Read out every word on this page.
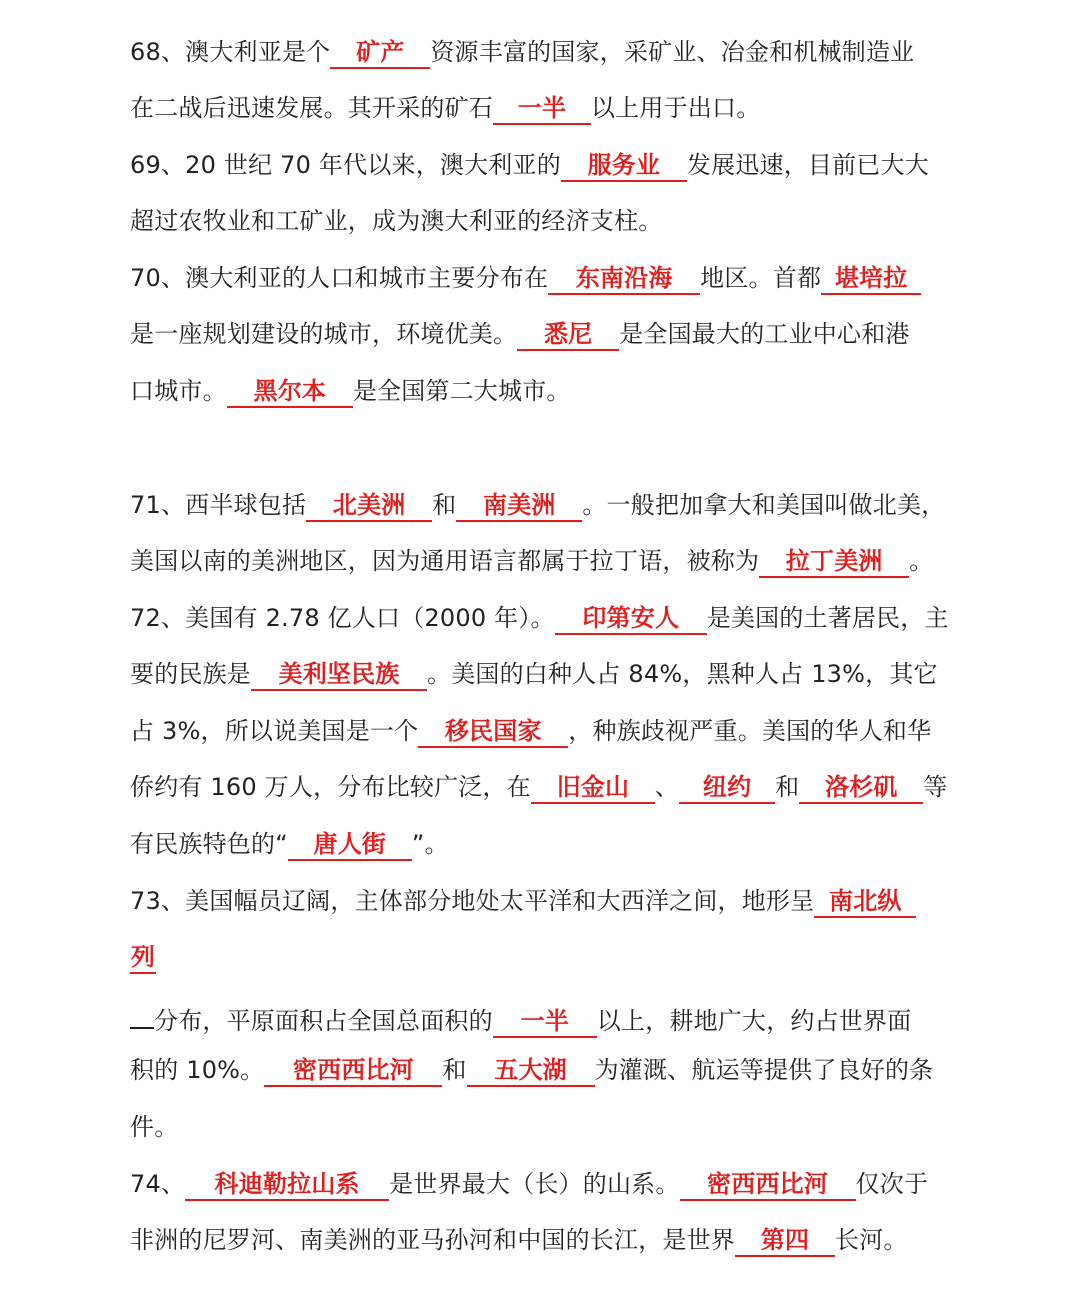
68、澳大利亚是个 矿产 资源丰富的国家，采矿业、冶金和机械制造业
在二战后迅速发展。其开采的矿石 一半 以上用于出口。
69、20 世纪 70 年代以来，澳大利亚的 服务业 发展迅速，目前已大大
超过农牧业和工矿业，成为澳大利亚的经济支柱。
70、澳大利亚的人口和城市主要分布在 东南沿海 地区。首都 堪培拉
是一座规划建设的城市，环境优美。 悉尼 是全国最大的工业中心和港
口城市。 黑尔本 是全国第二大城市。
71、西半球包括 北美洲 和 南美洲 。一般把加拿大和美国叫做北美，
美国以南的美洲地区，因为通用语言都属于拉丁语，被称为 拉丁美洲 。
72、美国有 2.78 亿人口（2000 年）。 印第安人 是美国的土著居民，主
要的民族是 美利坚民族 。美国的白种人占 84%，黑种人占 13%，其它
占 3%，所以说美国是一个 移民国家 ，种族歧视严重。美国的华人和华
侨约有 160 万人，分布比较广泛，在 旧金山 、 纽约 和 洛杉矶 等
有民族特色的“ 唐人街 ”。
73、美国幅员辽阔，主体部分地处太平洋和大西洋之间，地形呈 南北纵
列
分布，平原面积占全国总面积的 一半 以上，耕地广大，约占世界面
积的 10%。 密西西比河 和 五大湖 为灌溉、航运等提供了良好的条
件。
74、 科迪勒拉山系 是世界最大（长）的山系。 密西西比河 仅次于
非洲的尼罗河、南美洲的亚马孙河和中国的长江，是世界 第四 长河。
